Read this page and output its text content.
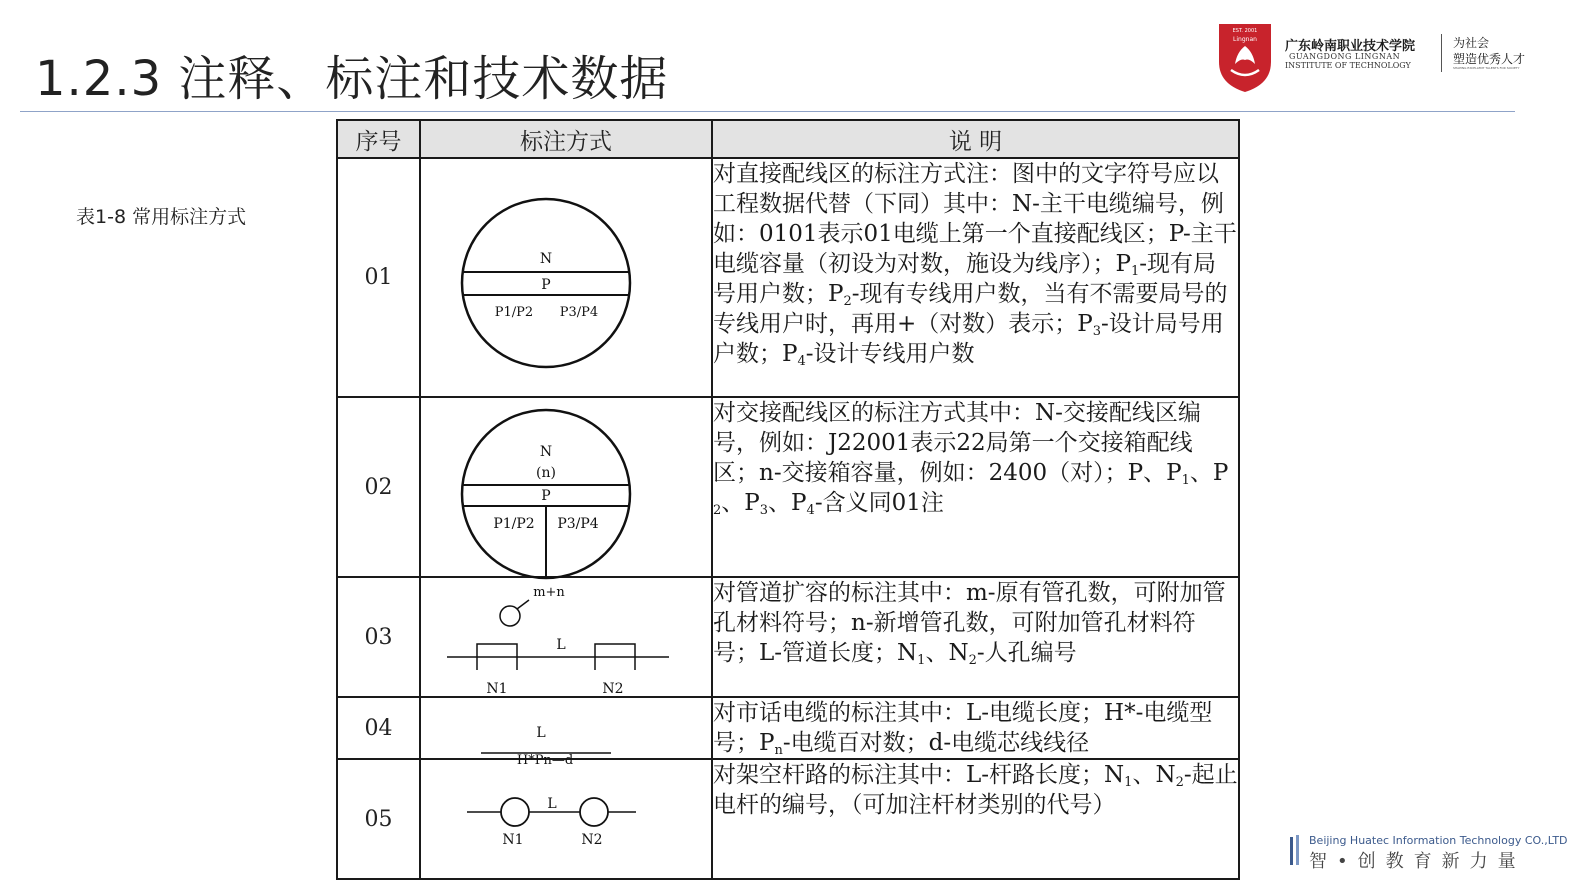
1.2.3 注释、标注和技术数据
EST. 2001
Lingnan	广东岭南职业技术学院
GUANGDONG LINGNAN
INSTITUTE OF TECHNOLOGY
为社会
塑造优秀人才
SHAPING EXCELLENT TALENTS FOR SOCIETY
表1-8 常用标注方式
序号	标注方式	说 明
01	N
P
P1/P2 P3/P4	对直接配线区的标注方式注：图中的文字符号应以工程数据代替（下同）其中：N-主干电缆编号，例如：0101表示01电缆上第一个直接配线区；P-主干电缆容量（初设为对数，施设为线序）；$P_1-$现有局号用户数；$P_2-$现有专线用户数，当有不需要局号的专线用户时，再用+（对数）表示；$P_3-$设计局号用户数；$P_4-$设计专线用户数
02	N
(n)
P
P1/P2 P3/P4	对交接配线区的标注方式其中：N-交接配线区编号，例如：J22001表示22局第一个交接箱配线区；n-交接箱容量，例如：2400（对）；P、$P_1$、$P_2$、$P_3$、$P_4-$含义同01注
03	m+n
L
N1 N2	对管道扩容的标注其中：m-原有管孔数，可附加管孔材料符号；n-新增管孔数，可附加管孔材料符号；L-管道长度；$N_1$、$N_2-$人孔编号
04	L
H*Pn—d	对市话电缆的标注其中：L-电缆长度；H*-电缆型号；$P_n-$电缆百对数；d-电缆芯线线径
05	L
N1 N2	对架空杆路的标注其中：L-杆路长度；$N_1$、$N_2-$起止电杆的编号，（可加注杆材类别的代号）
Beijing Huatec Information Technology CO.,LTD
智•创教育新力量
